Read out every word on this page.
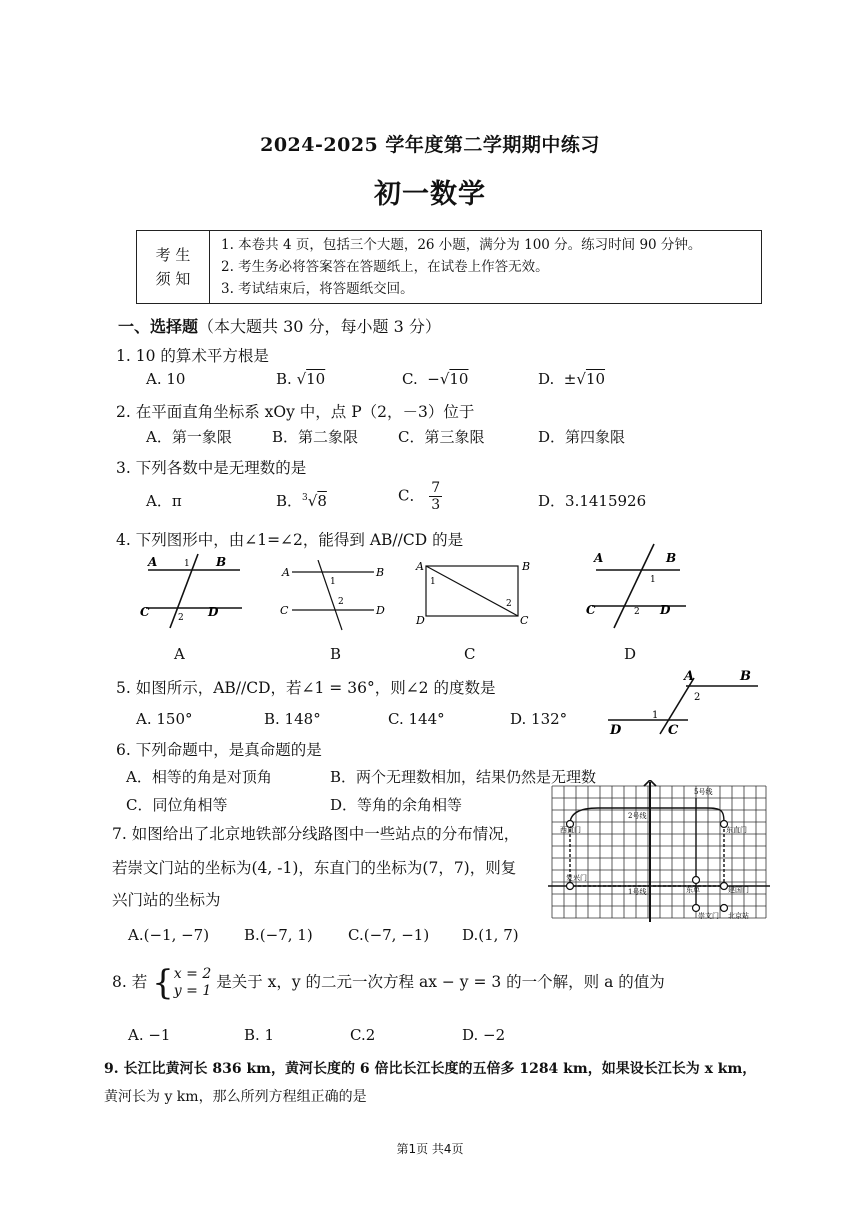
2024-2025 学年度第二学期期中练习
初一数学
考 生
须 知
1. 本卷共 4 页，包括三个大题，26 小题，满分为 100 分。练习时间 90 分钟。
2. 考生务必将答案答在答题纸上，在试卷上作答无效。
3. 考试结束后，将答题纸交回。
一、选择题（本大题共 30 分，每小题 3 分）
1. 10 的算术平方根是
A. 10	B. √10	C.  −√10	D.  ±√10
2. 在平面直角坐标系 xOy 中，点 P（2，－3）位于
A．第一象限	B．第二象限	C．第三象限	D．第四象限
3. 下列各数中是无理数的是
A．π	B．$^3$√8	C． $\frac{7}{3}$	D．3.1415926
4. 下列图形中，由∠1=∠2，能得到 AB//CD 的是
A	B
C	D
1
2
A	B
C	D
1
2
A	B
D	C
1
2
A	B
C	D
1
2
A	B	C	D
5. 如图所示，AB//CD，若∠1 = 36°，则∠2 的度数是
A. 150°	B. 148°	C. 144°	D. 132°
A	B
D	C
2
1
6. 下列命题中，是真命题的是
A．相等的角是对顶角	B．两个无理数相加，结果仍然是无理数
C．同位角相等	D．等角的余角相等
7. 如图给出了北京地铁部分线路图中一些站点的分布情况，
若崇文门站的坐标为(4, -1)，东直门的坐标为(7，7)，则复
兴门站的坐标为
A.(−1, −7) B.(−7, 1) C.(−7, −1) D.(1, 7)
5号线
2号线
西直门	东直门
1号线
复兴门
东单	建国门
崇文门 北京站
8. 若 { x = 2
y = 1 是关于 x，y 的二元一次方程 ax − y = 3 的一个解，则 a 的值为
A. −1	B. 1	C.2	D. −2
9. 长江比黄河长 836 km，黄河长度的 6 倍比长江长度的五倍多 1284 km，如果设长江长为 x km，
黄河长为 y km，那么所列方程组正确的是
第1页 共4页
